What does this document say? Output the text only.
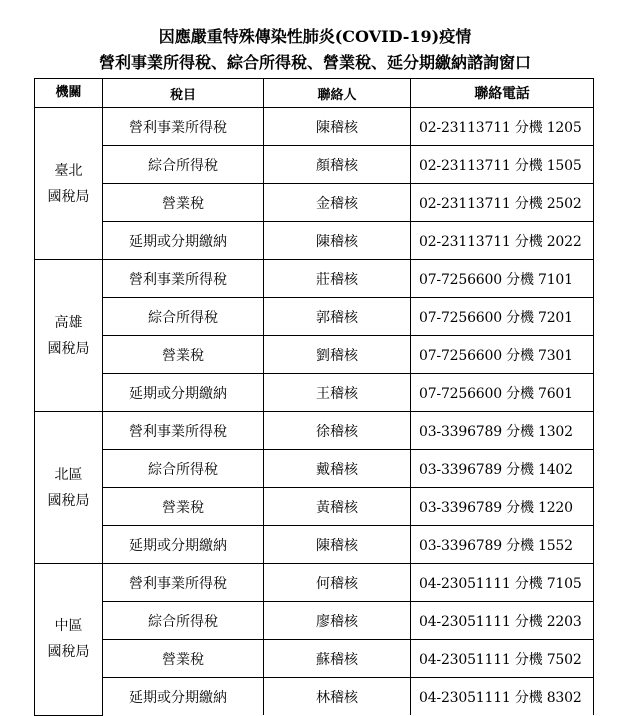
因應嚴重特殊傳染性肺炎(COVID-19)疫情
營利事業所得稅、綜合所得稅、營業稅、延分期繳納諮詢窗口
機關	稅目	聯絡人	聯絡電話

臺北
國稅局	營利事業所得稅	陳稽核	02-23113711 分機 1205
	綜合所得稅	顏稽核	02-23113711 分機 1505
	營業稅	金稽核	02-23113711 分機 2502
	延期或分期繳納	陳稽核	02-23113711 分機 2022

高雄
國稅局	營利事業所得稅	莊稽核	07-7256600 分機 7101
	綜合所得稅	郭稽核	07-7256600 分機 7201
	營業稅	劉稽核	07-7256600 分機 7301
	延期或分期繳納	王稽核	07-7256600 分機 7601

北區
國稅局	營利事業所得稅	徐稽核	03-3396789 分機 1302
	綜合所得稅	戴稽核	03-3396789 分機 1402
	營業稅	黃稽核	03-3396789 分機 1220
	延期或分期繳納	陳稽核	03-3396789 分機 1552

中區
國稅局	營利事業所得稅	何稽核	04-23051111 分機 7105
	綜合所得稅	廖稽核	04-23051111 分機 2203
	營業稅	蘇稽核	04-23051111 分機 7502
	延期或分期繳納	林稽核	04-23051111 分機 8302
